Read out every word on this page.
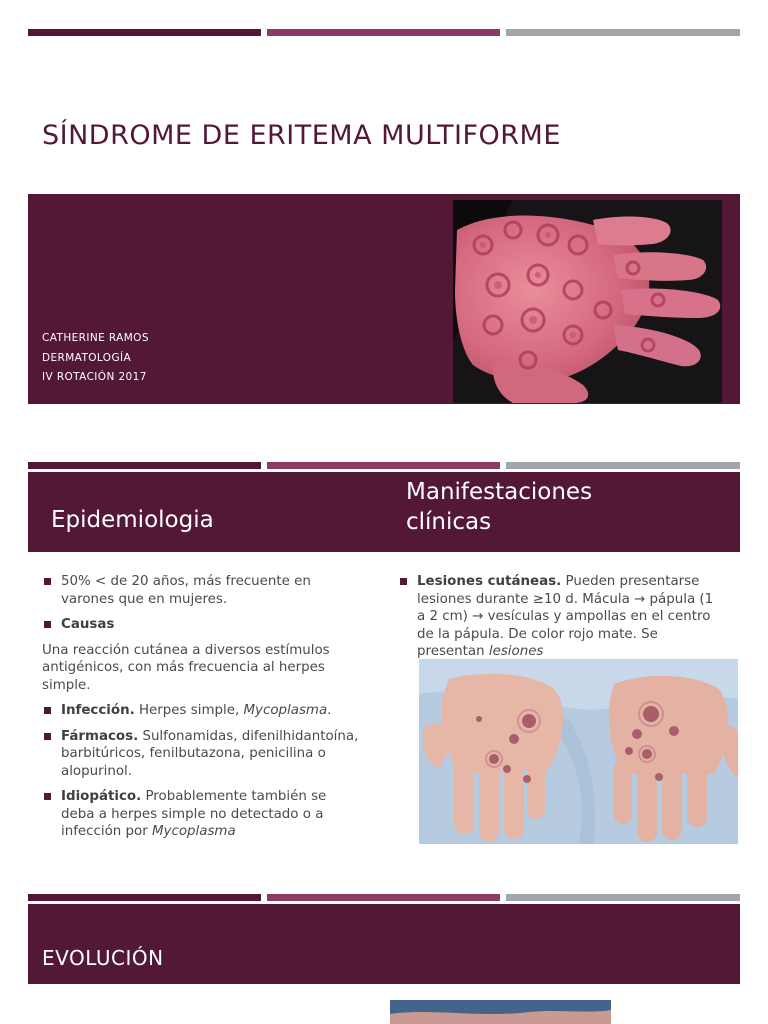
SÍNDROME DE ERITEMA MULTIFORME
CATHERINE RAMOS
DERMATOLOGÍA
IV ROTACIÓN 2017
Epidemiologia
Manifestaciones clínicas
50% < de 20 años, más frecuente en varones que en mujeres.
Causas

Una reacción cutánea a diversos estímulos antigénicos, con más frecuencia al herpes simple.

Infección. Herpes simple, Mycoplasma.
Fármacos. Sulfonamidas, difenilhidantoína, barbitúricos, fenilbutazona, penicilina o alopurinol.
Idiopático. Probablemente también se deba a herpes simple no detectado o a infección por Mycoplasma
Lesiones cutáneas. Pueden presentarse lesiones durante ≥10 d. Mácula → pápula (1 a 2 cm) → vesículas y ampollas en el centro de la pápula. De color rojo mate. Se presentan lesiones
EVOLUCIÓN
